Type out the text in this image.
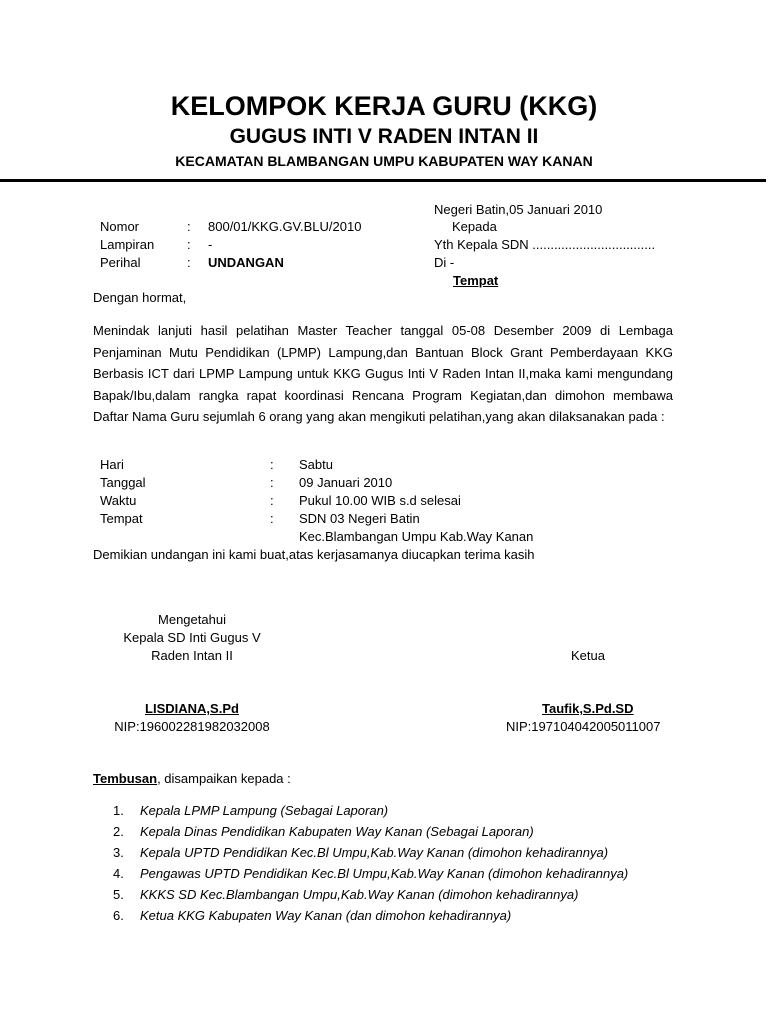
KELOMPOK KERJA GURU (KKG)
GUGUS INTI V RADEN INTAN II
KECAMATAN BLAMBANGAN UMPU KABUPATEN WAY KANAN
Negeri Batin,05 Januari 2010
Nomor	: 800/01/KKG.GV.BLU/2010
Lampiran	: -
Perihal	: UNDANGAN
Kepada
Yth Kepala SDN ..................................
Di -
Tempat
Dengan hormat,
Menindak lanjuti hasil pelatihan Master Teacher tanggal 05-08 Desember 2009 di Lembaga Penjaminan Mutu Pendidikan (LPMP) Lampung,dan Bantuan Block Grant Pemberdayaan KKG Berbasis ICT dari LPMP Lampung untuk KKG Gugus Inti V Raden Intan II,maka kami mengundang Bapak/Ibu,dalam rangka rapat koordinasi Rencana Program Kegiatan,dan dimohon membawa Daftar Nama Guru sejumlah 6 orang yang akan mengikuti pelatihan,yang akan dilaksanakan pada :
Hari	: Sabtu
Tanggal	: 09 Januari 2010
Waktu	: Pukul 10.00 WIB s.d selesai
Tempat	: SDN 03 Negeri Batin
Kec.Blambangan Umpu Kab.Way Kanan
Demikian undangan ini kami buat,atas kerjasamanya diucapkan terima kasih
Mengetahui
Kepala SD Inti Gugus V
Raden Intan II
LISDIANA,S.Pd
NIP:196002281982032008
Ketua
Taufik,S.Pd.SD
NIP:197104042005011007
Tembusan, disampaikan kepada :
1. Kepala LPMP Lampung (Sebagai Laporan)
2. Kepala Dinas Pendidikan Kabupaten Way Kanan (Sebagai Laporan)
3. Kepala UPTD Pendidikan Kec.Bl Umpu,Kab.Way Kanan (dimohon kehadirannya)
4. Pengawas UPTD Pendidikan Kec.Bl Umpu,Kab.Way Kanan (dimohon kehadirannya)
5. KKKS SD Kec.Blambangan Umpu,Kab.Way Kanan (dimohon kehadirannya)
6. Ketua KKG Kabupaten Way Kanan (dan dimohon kehadirannya)
